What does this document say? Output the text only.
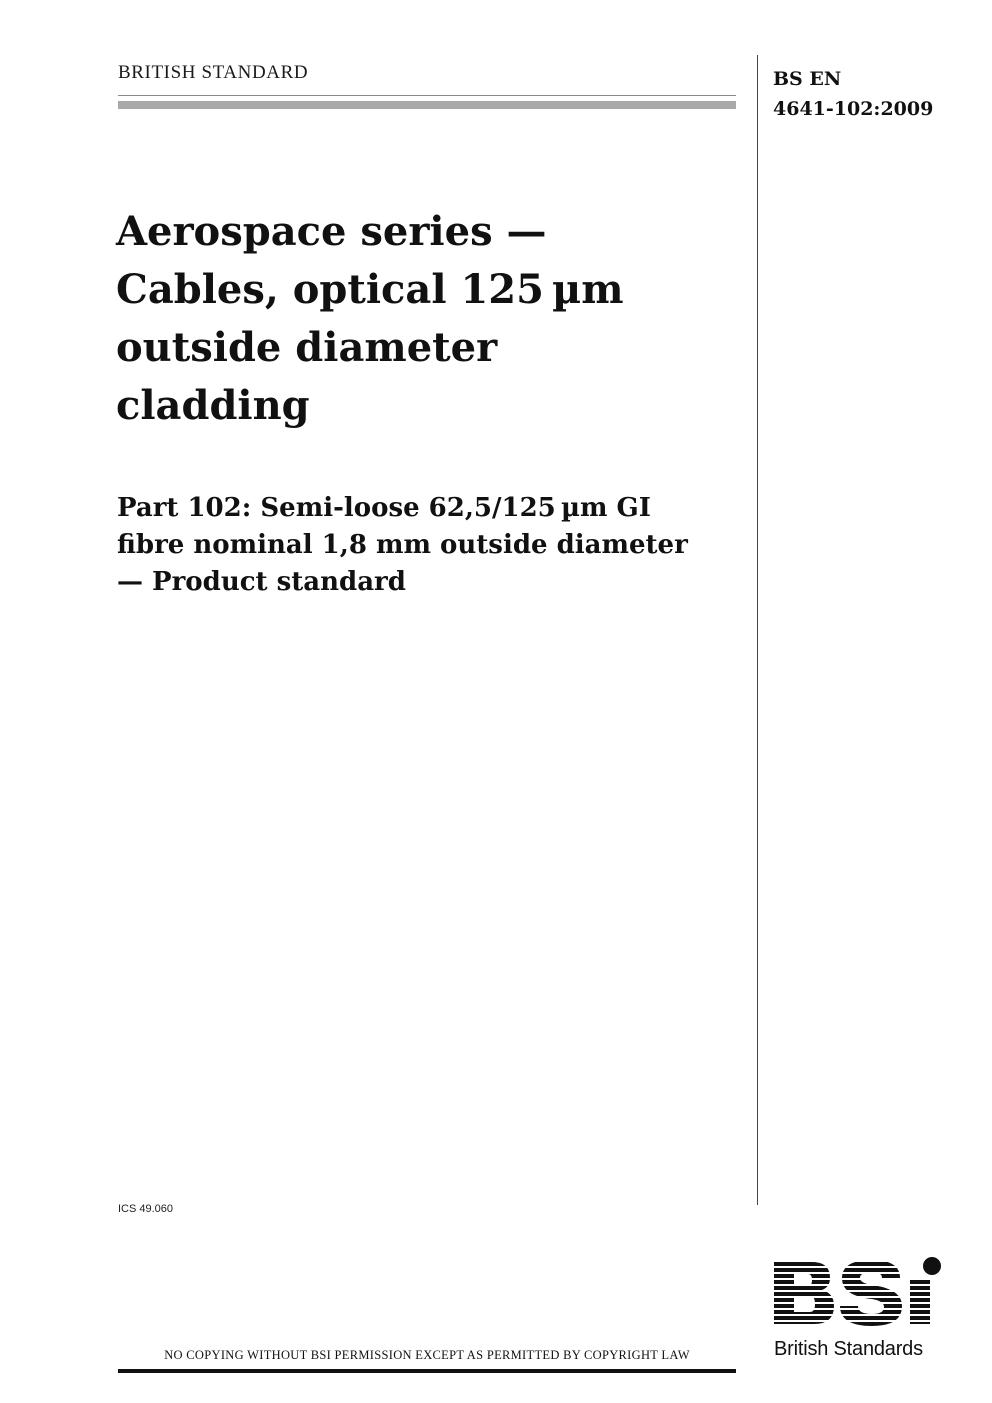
BRITISH STANDARD	BS EN
4641-102:2009
Aerospace series —
Cables, optical 125 µm
outside diameter
cladding
Part 102: Semi-loose 62,5/125 µm GI
fibre nominal 1,8 mm outside diameter
— Product standard
ICS 49.060
NO COPYING WITHOUT BSI PERMISSION EXCEPT AS PERMITTED BY COPYRIGHT LAW	British Standards
